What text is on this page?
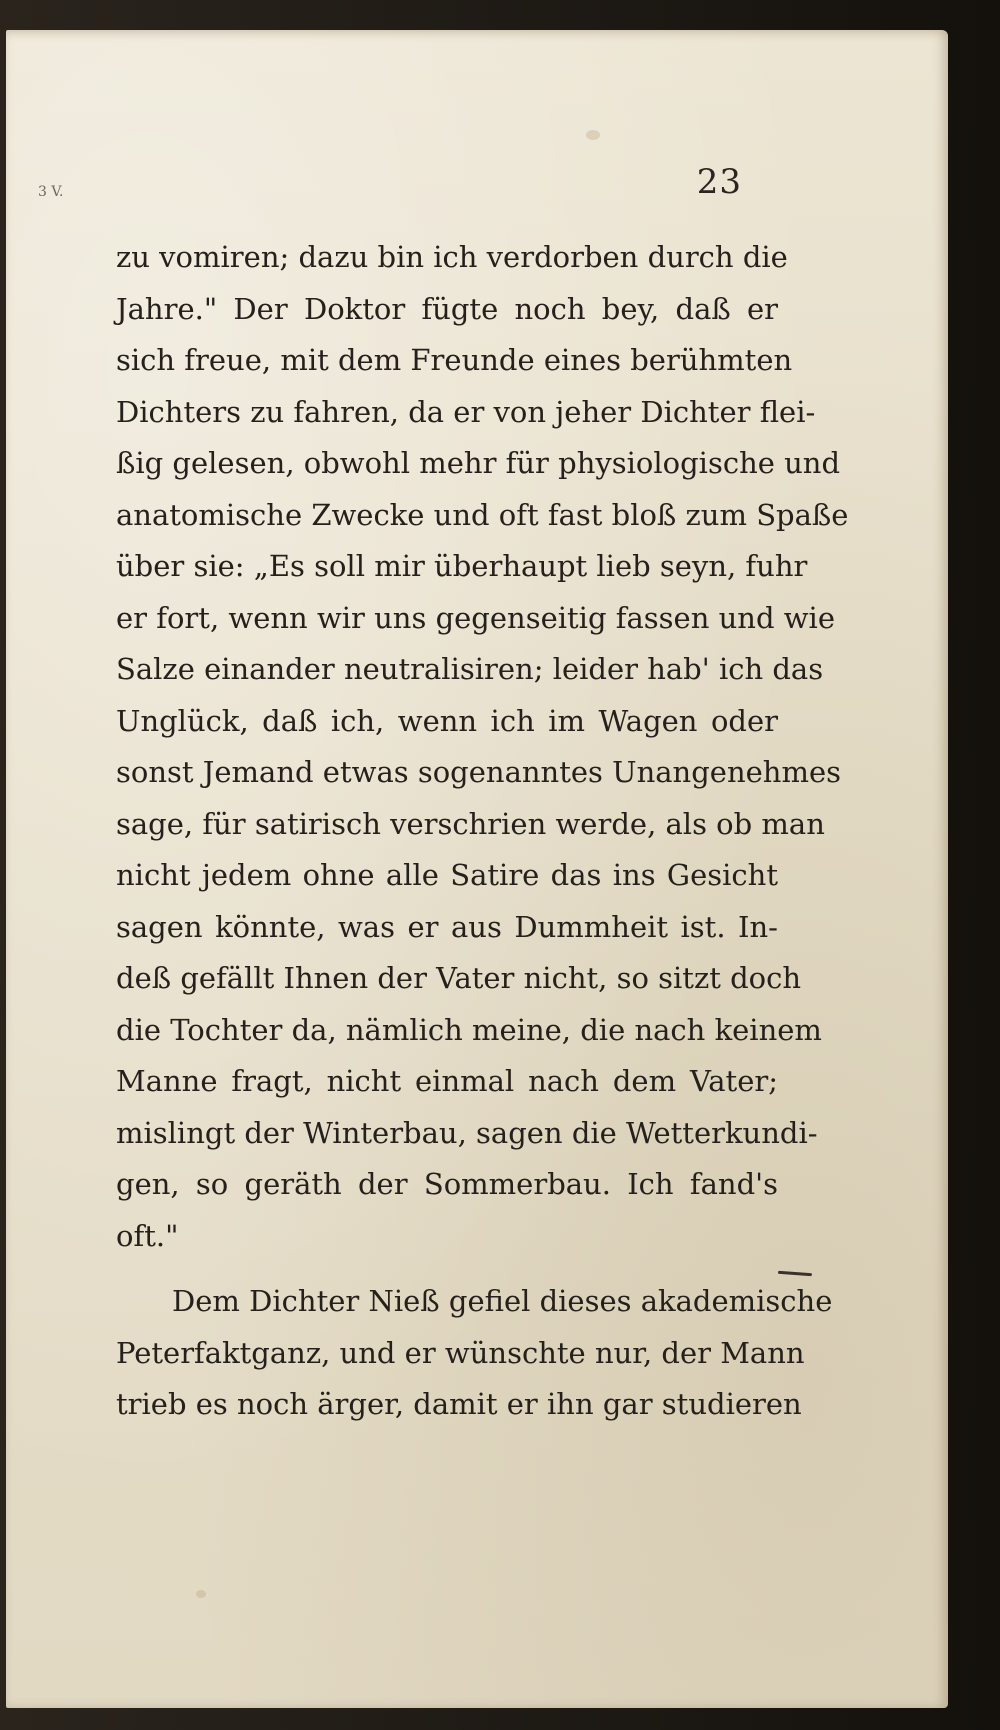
3 V.	23
zu vomiren; dazu bin ich verdorben durch die
Jahre." Der Doktor fügte noch bey, daß er
sich freue, mit dem Freunde eines berühmten
Dichters zu fahren, da er von jeher Dichter flei-
ßig gelesen, obwohl mehr für physiologische und
anatomische Zwecke und oft fast bloß zum Spaße
über sie: „Es soll mir überhaupt lieb seyn, fuhr
er fort, wenn wir uns gegenseitig fassen und wie
Salze einander neutralisiren; leider hab' ich das
Unglück, daß ich, wenn ich im Wagen oder
sonst Jemand etwas sogenanntes Unangenehmes
sage, für satirisch verschrien werde, als ob man
nicht jedem ohne alle Satire das ins Gesicht
sagen könnte, was er aus Dummheit ist. In-
deß gefällt Ihnen der Vater nicht, so sitzt doch
die Tochter da, nämlich meine, die nach keinem
Manne fragt, nicht einmal nach dem Vater;
mislingt der Winterbau, sagen die Wetterkundi-
gen, so geräth der Sommerbau. Ich fand's
oft."
Dem Dichter Nieß gefiel dieses akademische
Peterfaktganz, und er wünschte nur, der Mann
trieb es noch ärger, damit er ihn gar studieren
